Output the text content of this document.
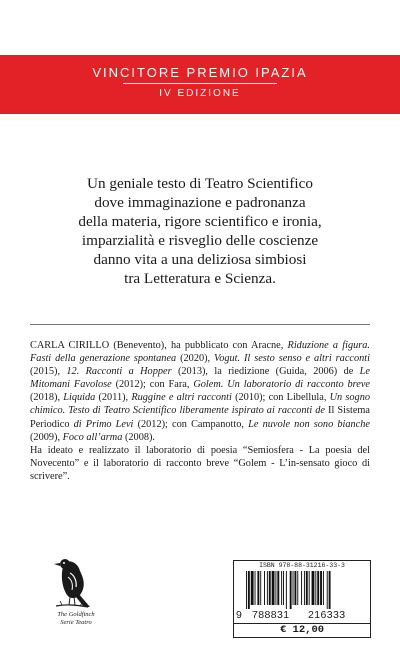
VINCITORE PREMIO IPAZIA
IV EDIZIONE
Un geniale testo di Teatro Scientifico
dove immaginazione e padronanza
della materia, rigore scientifico e ironia,
imparzialità e risveglio delle coscienze
danno vita a una deliziosa simbiosi
tra Letteratura e Scienza.

CARLA CIRILLO (Benevento), ha pubblicato con Aracne, Riduzione a figura. Fasti della generazione spontanea (2020), Vogut. Il sesto senso e altri racconti (2015), 12. Racconti a Hopper (2013), la riedizione (Guida, 2006) de Le Mitomani Favolose (2012); con Fara, Golem. Un laboratorio di racconto breve (2018), Liquida (2011), Ruggine e altri racconti (2010); con Libellula, Un sogno chimico. Testo di Teatro Scientifico liberamente ispirato ai racconti de Il Sistema Periodico di Primo Levi (2012); con Campanotto, Le nuvole non sono bianche (2009), Foco all’arma (2008).

Ha ideato e realizzato il laboratorio di poesia “Semiosfera - La poesia del Novecento” e il laboratorio di racconto breve “Golem - L’in-sensato gioco di scrivere”.

The Goldfinch
Serie Teatro
ISBN 978-88-31216-33-3
9 788831 216333
€ 12,00
